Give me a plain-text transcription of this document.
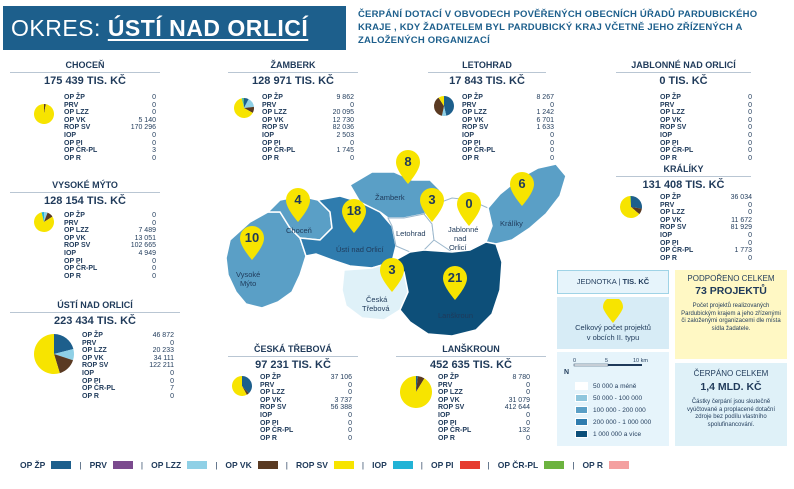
OKRES: ÚSTÍ NAD ORLICÍ
ČERPÁNÍ DOTACÍ V OBVODECH POVĚŘENÝCH OBECNÍCH ÚŘADŮ PARDUBICKÉHO KRAJE , KDY ŽADATELEM BYL PARDUBICKÝ KRAJ VČETNĚ JEHO ZŘÍZENÝCH A ZALOŽENÝCH ORGANIZACÍ
Žamberk
Choceň
Ústí nad Orlicí
Letohrad	Jablonné
nad
Orlicí
Králíky
Vysoké
Mýto
Česká
Třebová
Lanškroun
8
4
18
3 0
6
10
3
21
CHOCEŇ
175 439 TIS. KČ
OP ŽP	0
PRV	0
OP LZZ	0
OP VK	5 140
ROP SV	170 296
IOP	0
OP PI	0
OP ČR-PL	3
OP R	0
ŽAMBERK
128 971 TIS. KČ
OP ŽP	9 862
PRV	0
OP LZZ	20 095
OP VK	12 730
ROP SV	82 036
IOP	2 503
OP PI	0
OP ČR-PL	1 745
OP R	0
LETOHRAD
17 843 TIS. KČ
OP ŽP	8 267
PRV	0
OP LZZ	1 242
OP VK	6 701
ROP SV	1 633
IOP	0
OP PI	0
OP ČR-PL	0
OP R	0
JABLONNÉ NAD ORLICÍ
0 TIS. KČ
OP ŽP	0
PRV	0
OP LZZ	0
OP VK	0
ROP SV	0
IOP	0
OP PI	0
OP ČR-PL	0
OP R	0
VYSOKÉ MÝTO
128 154 TIS. KČ
OP ŽP	0
PRV	0
OP LZZ	7 489
OP VK	13 051
ROP SV	102 665
IOP	4 949
OP PI	0
OP ČR-PL	0
OP R	0
KRÁLÍKY
131 408 TIS. KČ
OP ŽP	36 034
PRV	0
OP LZZ	0
OP VK	11 672
ROP SV	81 929
IOP	0
OP PI	0
OP ČR-PL	1 773
OP R	0
ÚSTÍ NAD ORLICÍ
223 434 TIS. KČ
OP ŽP	46 872
PRV	0
OP LZZ	20 233
OP VK	34 111
ROP SV	122 211
IOP	0
OP PI	0
OP ČR-PL	7
OP R	0
ČESKÁ TŘEBOVÁ
97 231 TIS. KČ
OP ŽP	37 106
PRV	0
OP LZZ	0
OP VK	3 737
ROP SV	56 388
IOP	0
OP PI	0
OP ČR-PL	0
OP R	0
LANŠKROUN
452 635 TIS. KČ
OP ŽP	8 780
PRV	0
OP LZZ	0
OP VK	31 079
ROP SV	412 644
IOP	0
OP PI	0
OP ČR-PL	132
OP R	0
JEDNOTKA | TIS. KČ
Celkový počet projektů
v obcích II. typu
0	5	10 km
N
50 000 a méně
50 000 - 100 000
100 000 - 200 000
200 000 - 1 000 000
1 000 000 a více
PODPOŘENO CELKEM
73 PROJEKTŮ
Počet projektů realizovaných Pardubickým krajem a jeho zřízenými či založenými organizacemi dle místa sídla žadatele.
ČERPÁNO CELKEM
1,4 MLD. KČ
Částky čerpání jsou skutečně vyúčtované a proplacené dotační zdroje bez podílu vlastního spolufinancování.
OP ŽP	| PRV	| OP LZZ	| OP VK	| ROP SV	| IOP	| OP PI	| OP ČR-PL	| OP R
